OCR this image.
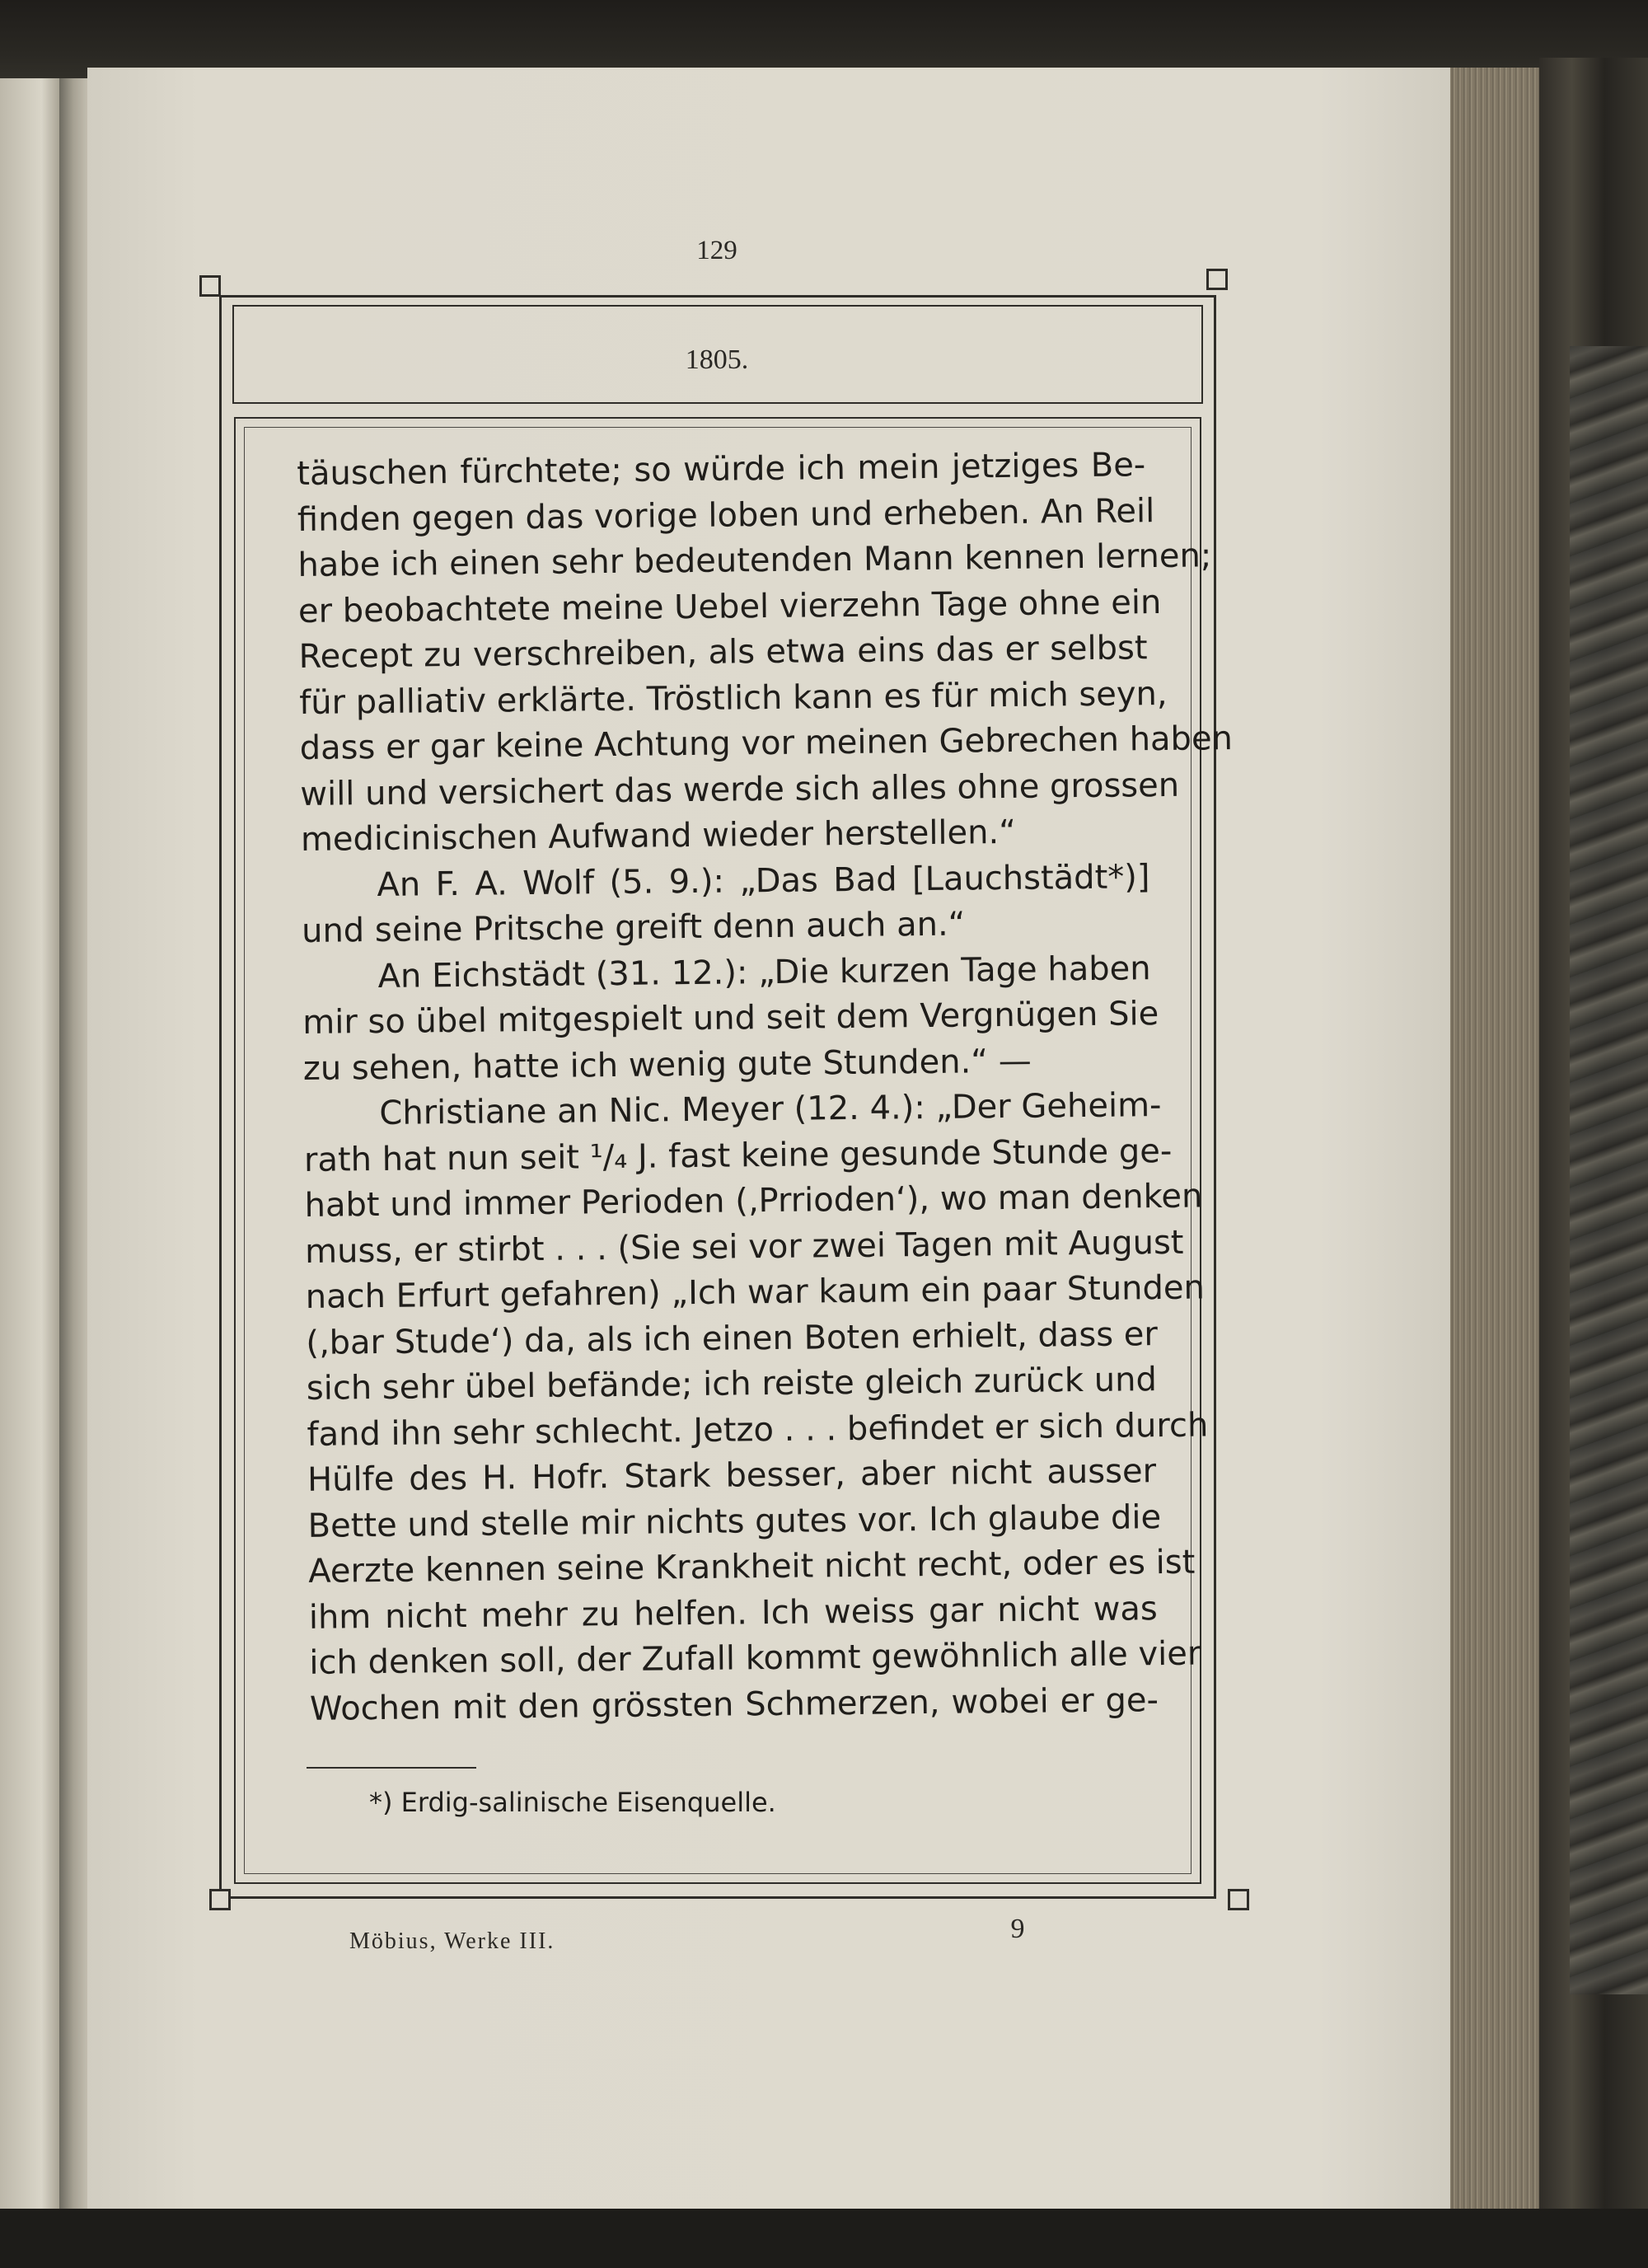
129
1805.
täuschen fürchtete; so würde ich mein jetziges Be-
finden gegen das vorige loben und erheben. An Reil
habe ich einen sehr bedeutenden Mann kennen lernen;
er beobachtete meine Uebel vierzehn Tage ohne ein
Recept zu verschreiben, als etwa eins das er selbst
für palliativ erklärte. Tröstlich kann es für mich seyn,
dass er gar keine Achtung vor meinen Gebrechen haben
will und versichert das werde sich alles ohne grossen
medicinischen Aufwand wieder herstellen.“
An F. A. Wolf (5. 9.): „Das Bad [Lauchstädt*)]
und seine Pritsche greift denn auch an.“
An Eichstädt (31. 12.): „Die kurzen Tage haben
mir so übel mitgespielt und seit dem Vergnügen Sie
zu sehen, hatte ich wenig gute Stunden.“ —
Christiane an Nic. Meyer (12. 4.): „Der Geheim-
rath hat nun seit ¹/₄ J. fast keine gesunde Stunde ge-
habt und immer Perioden (‚Prrioden‘), wo man denken
muss, er stirbt . . . (Sie sei vor zwei Tagen mit August
nach Erfurt gefahren) „Ich war kaum ein paar Stunden
(‚bar Stude‘) da, als ich einen Boten erhielt, dass er
sich sehr übel befände; ich reiste gleich zurück und
fand ihn sehr schlecht. Jetzo . . . befindet er sich durch
Hülfe des H. Hofr. Stark besser, aber nicht ausser
Bette und stelle mir nichts gutes vor. Ich glaube die
Aerzte kennen seine Krankheit nicht recht, oder es ist
ihm nicht mehr zu helfen. Ich weiss gar nicht was
ich denken soll, der Zufall kommt gewöhnlich alle vier
Wochen mit den grössten Schmerzen, wobei er ge-
*) Erdig-salinische Eisenquelle.
Möbius, Werke III.	9
